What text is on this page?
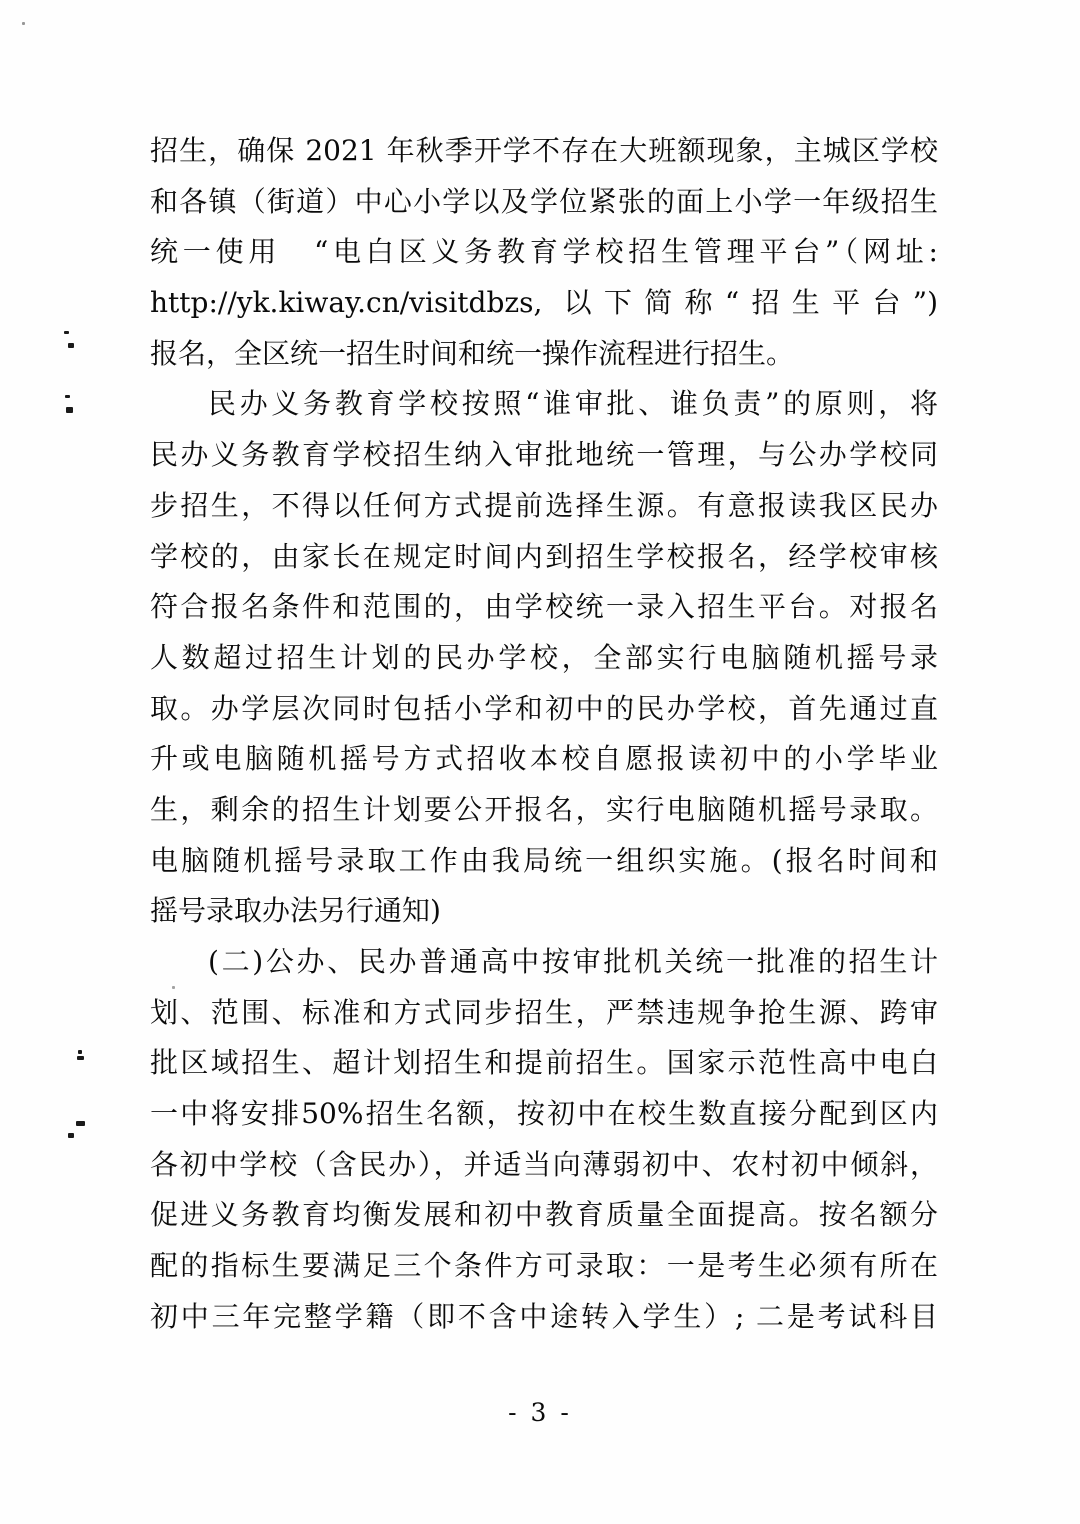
招生，确保 2021 年秋季开学不存在大班额现象，主城区学校
和各镇（街道）中心小学以及学位紧张的面上小学一年级招生
统一使用　“电白区义务教育学校招生管理平台”（网址:
http://yk.kiway.cn/visitdbzs, 以下简称“招生平台”)
报名，全区统一招生时间和统一操作流程进行招生。
民办义务教育学校按照“谁审批、谁负责”的原则，将
民办义务教育学校招生纳入审批地统一管理，与公办学校同
步招生，不得以任何方式提前选择生源。有意报读我区民办
学校的，由家长在规定时间内到招生学校报名，经学校审核
符合报名条件和范围的，由学校统一录入招生平台。对报名
人数超过招生计划的民办学校，全部实行电脑随机摇号录
取。办学层次同时包括小学和初中的民办学校，首先通过直
升或电脑随机摇号方式招收本校自愿报读初中的小学毕业
生，剩余的招生计划要公开报名，实行电脑随机摇号录取。
电脑随机摇号录取工作由我局统一组织实施。(报名时间和
摇号录取办法另行通知)
(二)公办、民办普通高中按审批机关统一批准的招生计
划、范围、标准和方式同步招生，严禁违规争抢生源、跨审
批区域招生、超计划招生和提前招生。国家示范性高中电白
一中将安排50%招生名额，按初中在校生数直接分配到区内
各初中学校（含民办），并适当向薄弱初中、农村初中倾斜，
促进义务教育均衡发展和初中教育质量全面提高。按名额分
配的指标生要满足三个条件方可录取：一是考生必须有所在
初中三年完整学籍（即不含中途转入学生）; 二是考试科目
- 3 -
